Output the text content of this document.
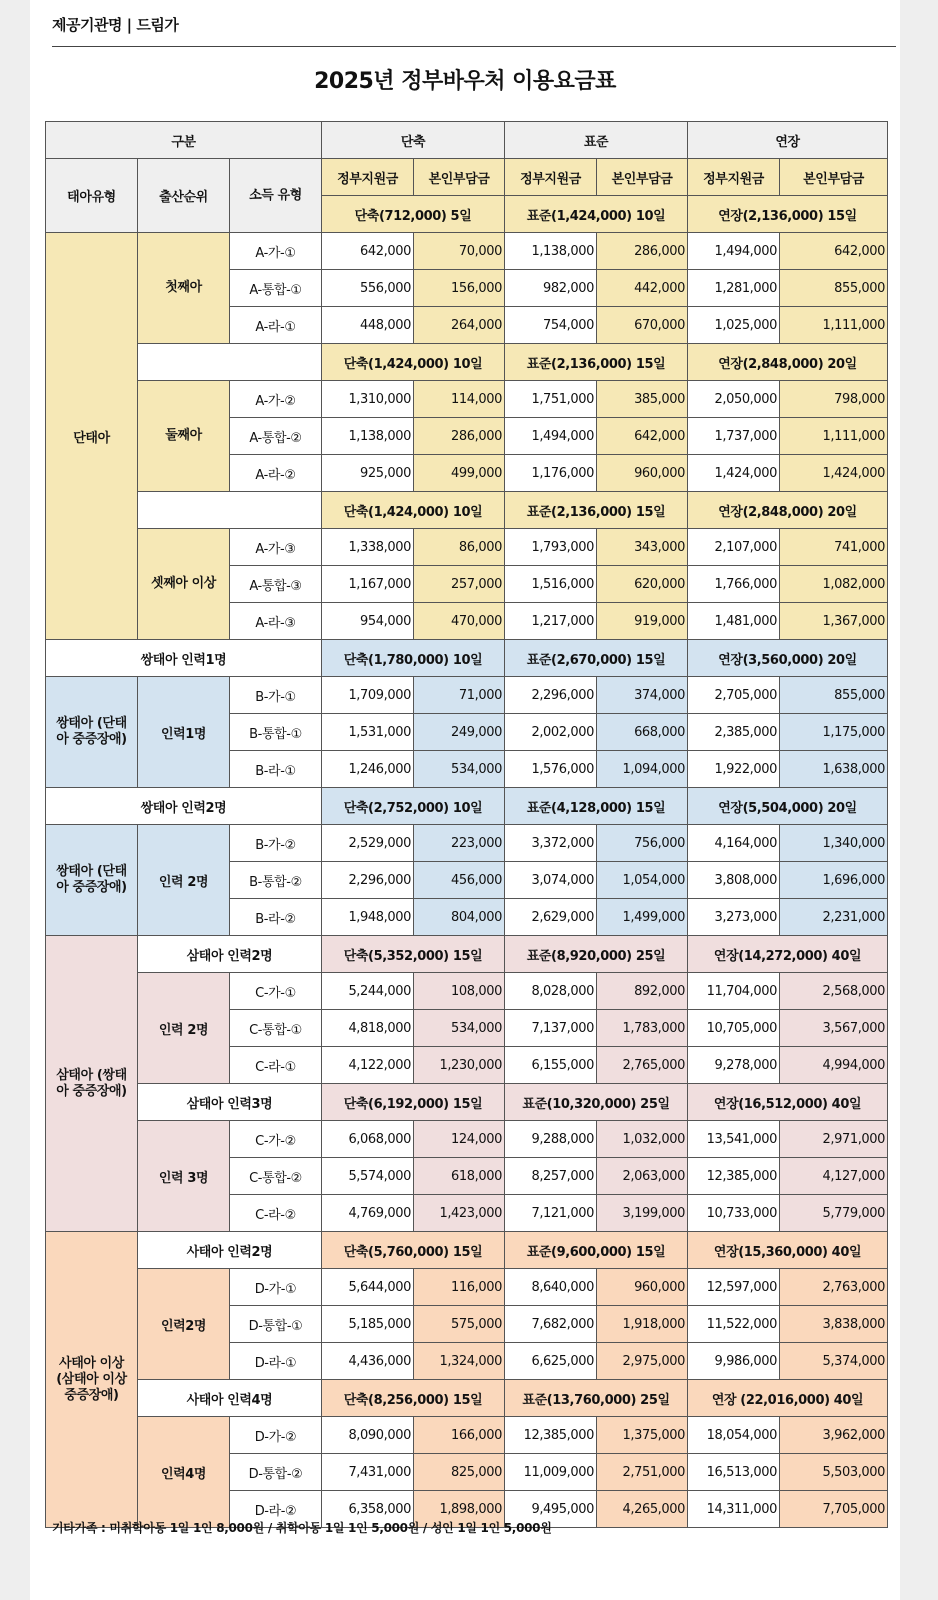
제공기관명 | 드림가
2025년 정부바우처 이용요금표
구분			단축		표준		연장	
태아유형	출산순위	소득 유형	정부지원금	본인부담금	정부지원금	본인부담금	정부지원금	본인부담금
			단축(712,000) 5일		표준(1,424,000) 10일		연장(2,136,000) 15일	
단태아	첫째아	A-가-①	642,000	70,000	1,138,000	286,000	1,494,000	642,000
		A-통합-①	556,000	156,000	982,000	442,000	1,281,000	855,000
		A-라-①	448,000	264,000	754,000	670,000	1,025,000	1,111,000
			단축(1,424,000) 10일		표준(2,136,000) 15일		연장(2,848,000) 20일	
	둘째아	A-가-②	1,310,000	114,000	1,751,000	385,000	2,050,000	798,000
		A-통합-②	1,138,000	286,000	1,494,000	642,000	1,737,000	1,111,000
		A-라-②	925,000	499,000	1,176,000	960,000	1,424,000	1,424,000
			단축(1,424,000) 10일		표준(2,136,000) 15일		연장(2,848,000) 20일	
	셋째아 이상	A-가-③	1,338,000	86,000	1,793,000	343,000	2,107,000	741,000
		A-통합-③	1,167,000	257,000	1,516,000	620,000	1,766,000	1,082,000
		A-라-③	954,000	470,000	1,217,000	919,000	1,481,000	1,367,000
쌍태아 인력1명			단축(1,780,000) 10일		표준(2,670,000) 15일		연장(3,560,000) 20일	
쌍태아 (단태아 중증장애)	인력1명	B-가-①	1,709,000	71,000	2,296,000	374,000	2,705,000	855,000
		B-통합-①	1,531,000	249,000	2,002,000	668,000	2,385,000	1,175,000
		B-라-①	1,246,000	534,000	1,576,000	1,094,000	1,922,000	1,638,000
쌍태아 인력2명			단축(2,752,000) 10일		표준(4,128,000) 15일		연장(5,504,000) 20일	
쌍태아 (단태아 중증장애)	인력 2명	B-가-②	2,529,000	223,000	3,372,000	756,000	4,164,000	1,340,000
		B-통합-②	2,296,000	456,000	3,074,000	1,054,000	3,808,000	1,696,000
		B-라-②	1,948,000	804,000	2,629,000	1,499,000	3,273,000	2,231,000
삼태아 (쌍태아 중증장애)	삼태아 인력2명		단축(5,352,000) 15일		표준(8,920,000) 25일		연장(14,272,000) 40일	
	인력 2명	C-가-①	5,244,000	108,000	8,028,000	892,000	11,704,000	2,568,000
		C-통합-①	4,818,000	534,000	7,137,000	1,783,000	10,705,000	3,567,000
		C-라-①	4,122,000	1,230,000	6,155,000	2,765,000	9,278,000	4,994,000
	삼태아 인력3명		단축(6,192,000) 15일		표준(10,320,000) 25일		연장(16,512,000) 40일	
	인력 3명	C-가-②	6,068,000	124,000	9,288,000	1,032,000	13,541,000	2,971,000
		C-통합-②	5,574,000	618,000	8,257,000	2,063,000	12,385,000	4,127,000
		C-라-②	4,769,000	1,423,000	7,121,000	3,199,000	10,733,000	5,779,000
사태아 이상 (삼태아 이상 중증장애)	사태아 인력2명		단축(5,760,000) 15일		표준(9,600,000) 15일		연장(15,360,000) 40일	
	인력2명	D-가-①	5,644,000	116,000	8,640,000	960,000	12,597,000	2,763,000
		D-통합-①	5,185,000	575,000	7,682,000	1,918,000	11,522,000	3,838,000
		D-라-①	4,436,000	1,324,000	6,625,000	2,975,000	9,986,000	5,374,000
	사태아 인력4명		단축(8,256,000) 15일		표준(13,760,000) 25일		연장 (22,016,000) 40일	
	인력4명	D-가-②	8,090,000	166,000	12,385,000	1,375,000	18,054,000	3,962,000
		D-통합-②	7,431,000	825,000	11,009,000	2,751,000	16,513,000	5,503,000
		D-라-②	6,358,000	1,898,000	9,495,000	4,265,000	14,311,000	7,705,000
기타가족 : 미취학아동 1일 1인 8,000원 / 취학아동 1일 1인 5,000원 / 성인 1일 1인 5,000원
